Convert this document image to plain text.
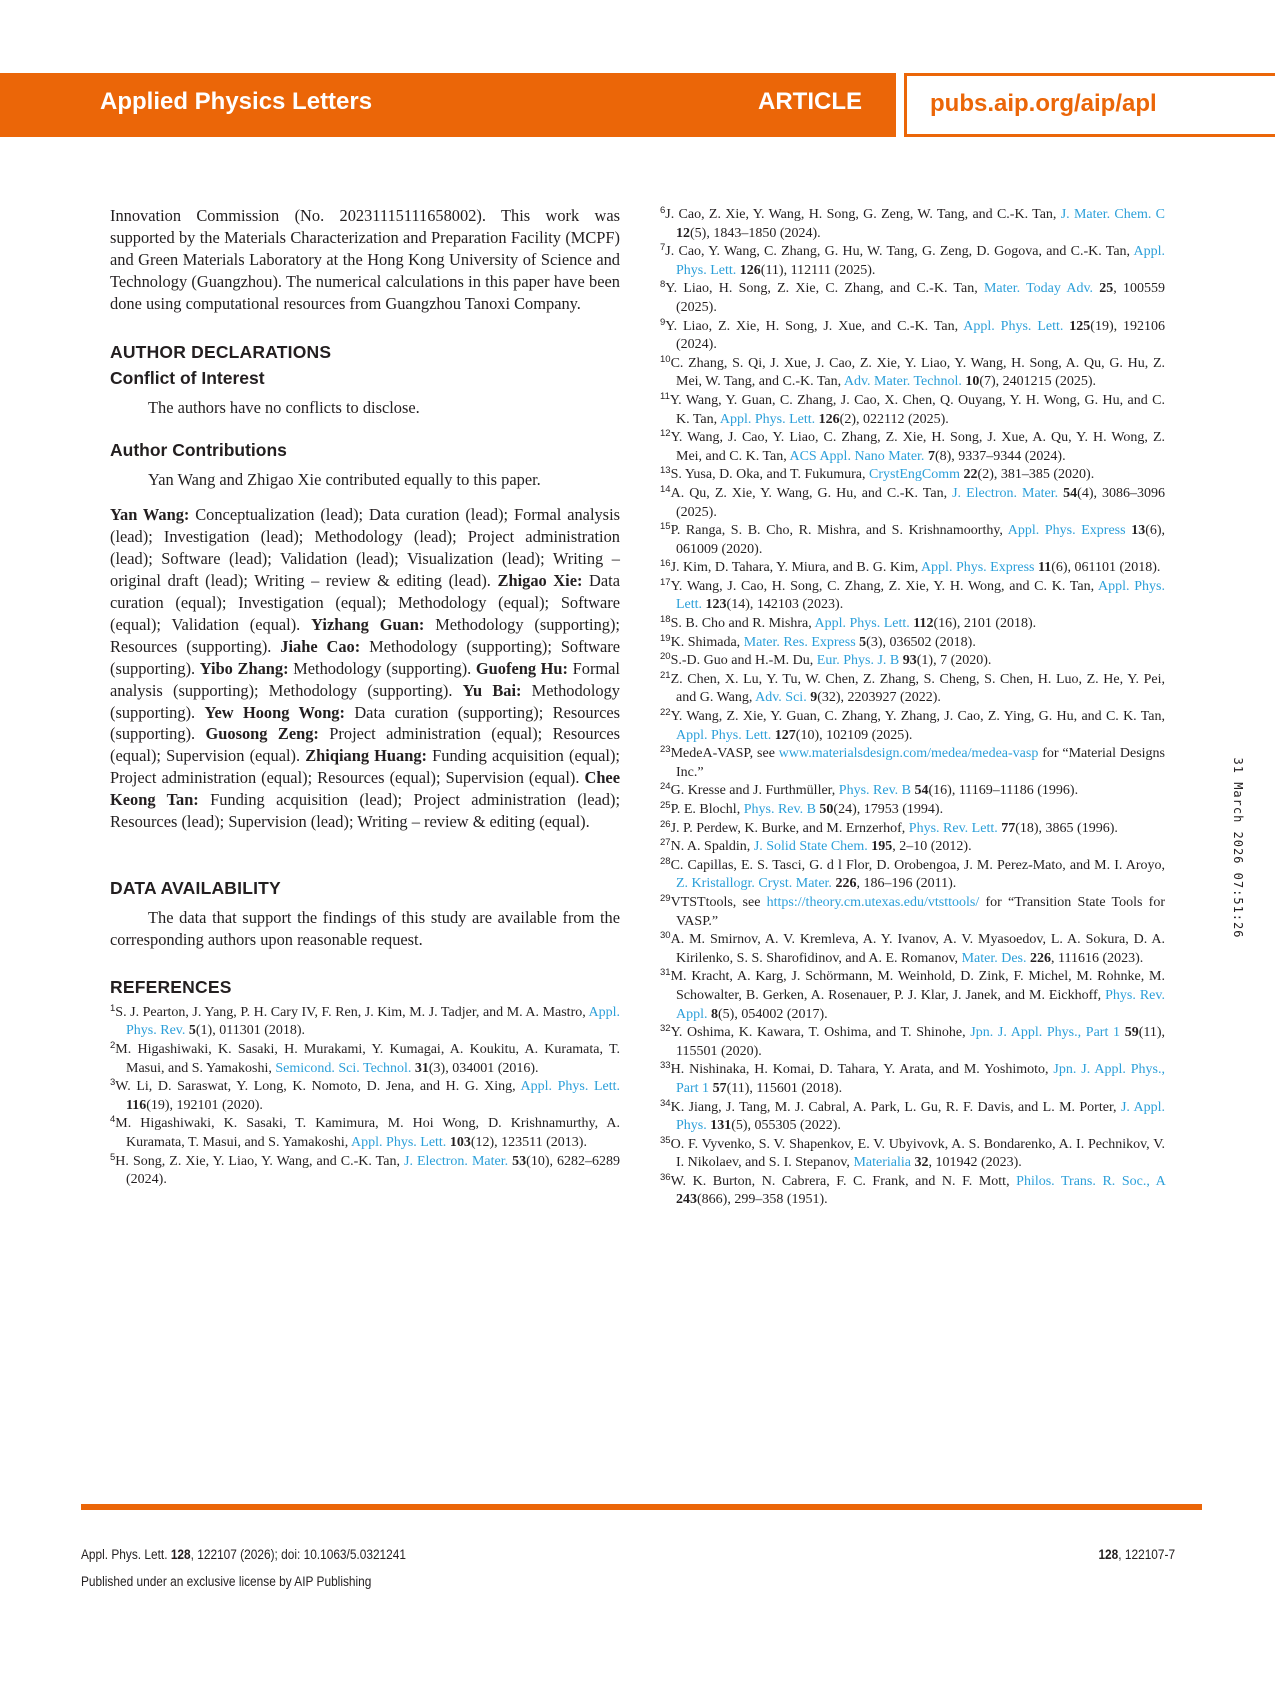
Applied Physics Letters	ARTICLE	pubs.aip.org/aip/apl

Innovation Commission (No. 20231115111658002). This work was supported by the Materials Characterization and Preparation Facility (MCPF) and Green Materials Laboratory at the Hong Kong University of Science and Technology (Guangzhou). The numerical calculations in this paper have been done using computational resources from Guangzhou Tanoxi Company.

AUTHOR DECLARATIONS
Conflict of Interest

The authors have no conflicts to disclose.

Author Contributions

Yan Wang and Zhigao Xie contributed equally to this paper.

Yan Wang: Conceptualization (lead); Data curation (lead); Formal analysis (lead); Investigation (lead); Methodology (lead); Project administration (lead); Software (lead); Validation (lead); Visualization (lead); Writing – original draft (lead); Writing – review & editing (lead). Zhigao Xie: Data curation (equal); Investigation (equal); Methodology (equal); Software (equal); Validation (equal). Yizhang Guan: Methodology (supporting); Resources (supporting). Jiahe Cao: Methodology (supporting); Software (supporting). Yibo Zhang: Methodology (supporting). Guofeng Hu: Formal analysis (supporting); Methodology (supporting). Yu Bai: Methodology (supporting). Yew Hoong Wong: Data curation (supporting); Resources (supporting). Guosong Zeng: Project administration (equal); Resources (equal); Supervision (equal). Zhiqiang Huang: Funding acquisition (equal); Project administration (equal); Resources (equal); Supervision (equal). Chee Keong Tan: Funding acquisition (lead); Project administration (lead); Resources (lead); Supervision (lead); Writing – review & editing (equal).

DATA AVAILABILITY

The data that support the findings of this study are available from the corresponding authors upon reasonable request.

REFERENCES

$^1$S. J. Pearton, J. Yang, P. H. Cary IV, F. Ren, J. Kim, M. J. Tadjer, and M. A. Mastro, Appl. Phys. Rev. 5(1), 011301 (2018).

$^2$M. Higashiwaki, K. Sasaki, H. Murakami, Y. Kumagai, A. Koukitu, A. Kuramata, T. Masui, and S. Yamakoshi, Semicond. Sci. Technol. 31(3), 034001 (2016).

$^3$W. Li, D. Saraswat, Y. Long, K. Nomoto, D. Jena, and H. G. Xing, Appl. Phys. Lett. 116(19), 192101 (2020).

$^4$M. Higashiwaki, K. Sasaki, T. Kamimura, M. Hoi Wong, D. Krishnamurthy, A. Kuramata, T. Masui, and S. Yamakoshi, Appl. Phys. Lett. 103(12), 123511 (2013).

$^5$H. Song, Z. Xie, Y. Liao, Y. Wang, and C.-K. Tan, J. Electron. Mater. 53(10), 6282–6289 (2024).

$^6$J. Cao, Z. Xie, Y. Wang, H. Song, G. Zeng, W. Tang, and C.-K. Tan, J. Mater. Chem. C 12(5), 1843–1850 (2024).

$^7$J. Cao, Y. Wang, C. Zhang, G. Hu, W. Tang, G. Zeng, D. Gogova, and C.-K. Tan, Appl. Phys. Lett. 126(11), 112111 (2025).

$^8$Y. Liao, H. Song, Z. Xie, C. Zhang, and C.-K. Tan, Mater. Today Adv. 25, 100559 (2025).

$^9$Y. Liao, Z. Xie, H. Song, J. Xue, and C.-K. Tan, Appl. Phys. Lett. 125(19), 192106 (2024).

$^{10}$C. Zhang, S. Qi, J. Xue, J. Cao, Z. Xie, Y. Liao, Y. Wang, H. Song, A. Qu, G. Hu, Z. Mei, W. Tang, and C.-K. Tan, Adv. Mater. Technol. 10(7), 2401215 (2025).

$^{11}$Y. Wang, Y. Guan, C. Zhang, J. Cao, X. Chen, Q. Ouyang, Y. H. Wong, G. Hu, and C. K. Tan, Appl. Phys. Lett. 126(2), 022112 (2025).

$^{12}$Y. Wang, J. Cao, Y. Liao, C. Zhang, Z. Xie, H. Song, J. Xue, A. Qu, Y. H. Wong, Z. Mei, and C. K. Tan, ACS Appl. Nano Mater. 7(8), 9337–9344 (2024).

$^{13}$S. Yusa, D. Oka, and T. Fukumura, CrystEngComm 22(2), 381–385 (2020).

$^{14}$A. Qu, Z. Xie, Y. Wang, G. Hu, and C.-K. Tan, J. Electron. Mater. 54(4), 3086–3096 (2025).

$^{15}$P. Ranga, S. B. Cho, R. Mishra, and S. Krishnamoorthy, Appl. Phys. Express 13(6), 061009 (2020).

$^{16}$J. Kim, D. Tahara, Y. Miura, and B. G. Kim, Appl. Phys. Express 11(6), 061101 (2018).

$^{17}$Y. Wang, J. Cao, H. Song, C. Zhang, Z. Xie, Y. H. Wong, and C. K. Tan, Appl. Phys. Lett. 123(14), 142103 (2023).

$^{18}$S. B. Cho and R. Mishra, Appl. Phys. Lett. 112(16), 2101 (2018).

$^{19}$K. Shimada, Mater. Res. Express 5(3), 036502 (2018).

$^{20}$S.-D. Guo and H.-M. Du, Eur. Phys. J. B 93(1), 7 (2020).

$^{21}$Z. Chen, X. Lu, Y. Tu, W. Chen, Z. Zhang, S. Cheng, S. Chen, H. Luo, Z. He, Y. Pei, and G. Wang, Adv. Sci. 9(32), 2203927 (2022).

$^{22}$Y. Wang, Z. Xie, Y. Guan, C. Zhang, Y. Zhang, J. Cao, Z. Ying, G. Hu, and C. K. Tan, Appl. Phys. Lett. 127(10), 102109 (2025).

$^{23}$MedeA-VASP, see www.materialsdesign.com/medea/medea-vasp for “Material Designs Inc.”

$^{24}$G. Kresse and J. Furthmüller, Phys. Rev. B 54(16), 11169–11186 (1996).

$^{25}$P. E. Blochl, Phys. Rev. B 50(24), 17953 (1994).

$^{26}$J. P. Perdew, K. Burke, and M. Ernzerhof, Phys. Rev. Lett. 77(18), 3865 (1996).

$^{27}$N. A. Spaldin, J. Solid State Chem. 195, 2–10 (2012).

$^{28}$C. Capillas, E. S. Tasci, G. d l Flor, D. Orobengoa, J. M. Perez-Mato, and M. I. Aroyo, Z. Kristallogr. Cryst. Mater. 226, 186–196 (2011).

$^{29}$VTSTtools, see https://theory.cm.utexas.edu/vtsttools/ for “Transition State Tools for VASP.”

$^{30}$A. M. Smirnov, A. V. Kremleva, A. Y. Ivanov, A. V. Myasoedov, L. A. Sokura, D. A. Kirilenko, S. S. Sharofidinov, and A. E. Romanov, Mater. Des. 226, 111616 (2023).

$^{31}$M. Kracht, A. Karg, J. Schörmann, M. Weinhold, D. Zink, F. Michel, M. Rohnke, M. Schowalter, B. Gerken, A. Rosenauer, P. J. Klar, J. Janek, and M. Eickhoff, Phys. Rev. Appl. 8(5), 054002 (2017).

$^{32}$Y. Oshima, K. Kawara, T. Oshima, and T. Shinohe, Jpn. J. Appl. Phys., Part 1 59(11), 115501 (2020).

$^{33}$H. Nishinaka, H. Komai, D. Tahara, Y. Arata, and M. Yoshimoto, Jpn. J. Appl. Phys., Part 1 57(11), 115601 (2018).

$^{34}$K. Jiang, J. Tang, M. J. Cabral, A. Park, L. Gu, R. F. Davis, and L. M. Porter, J. Appl. Phys. 131(5), 055305 (2022).

$^{35}$O. F. Vyvenko, S. V. Shapenkov, E. V. Ubyivovk, A. S. Bondarenko, A. I. Pechnikov, V. I. Nikolaev, and S. I. Stepanov, Materialia 32, 101942 (2023).

$^{36}$W. K. Burton, N. Cabrera, F. C. Frank, and N. F. Mott, Philos. Trans. R. Soc., A 243(866), 299–358 (1951).

31 March 2026 07:51:26
Appl. Phys. Lett. 128, 122107 (2026); doi: 10.1063/5.0321241
Published under an exclusive license by AIP Publishing
128, 122107-7
